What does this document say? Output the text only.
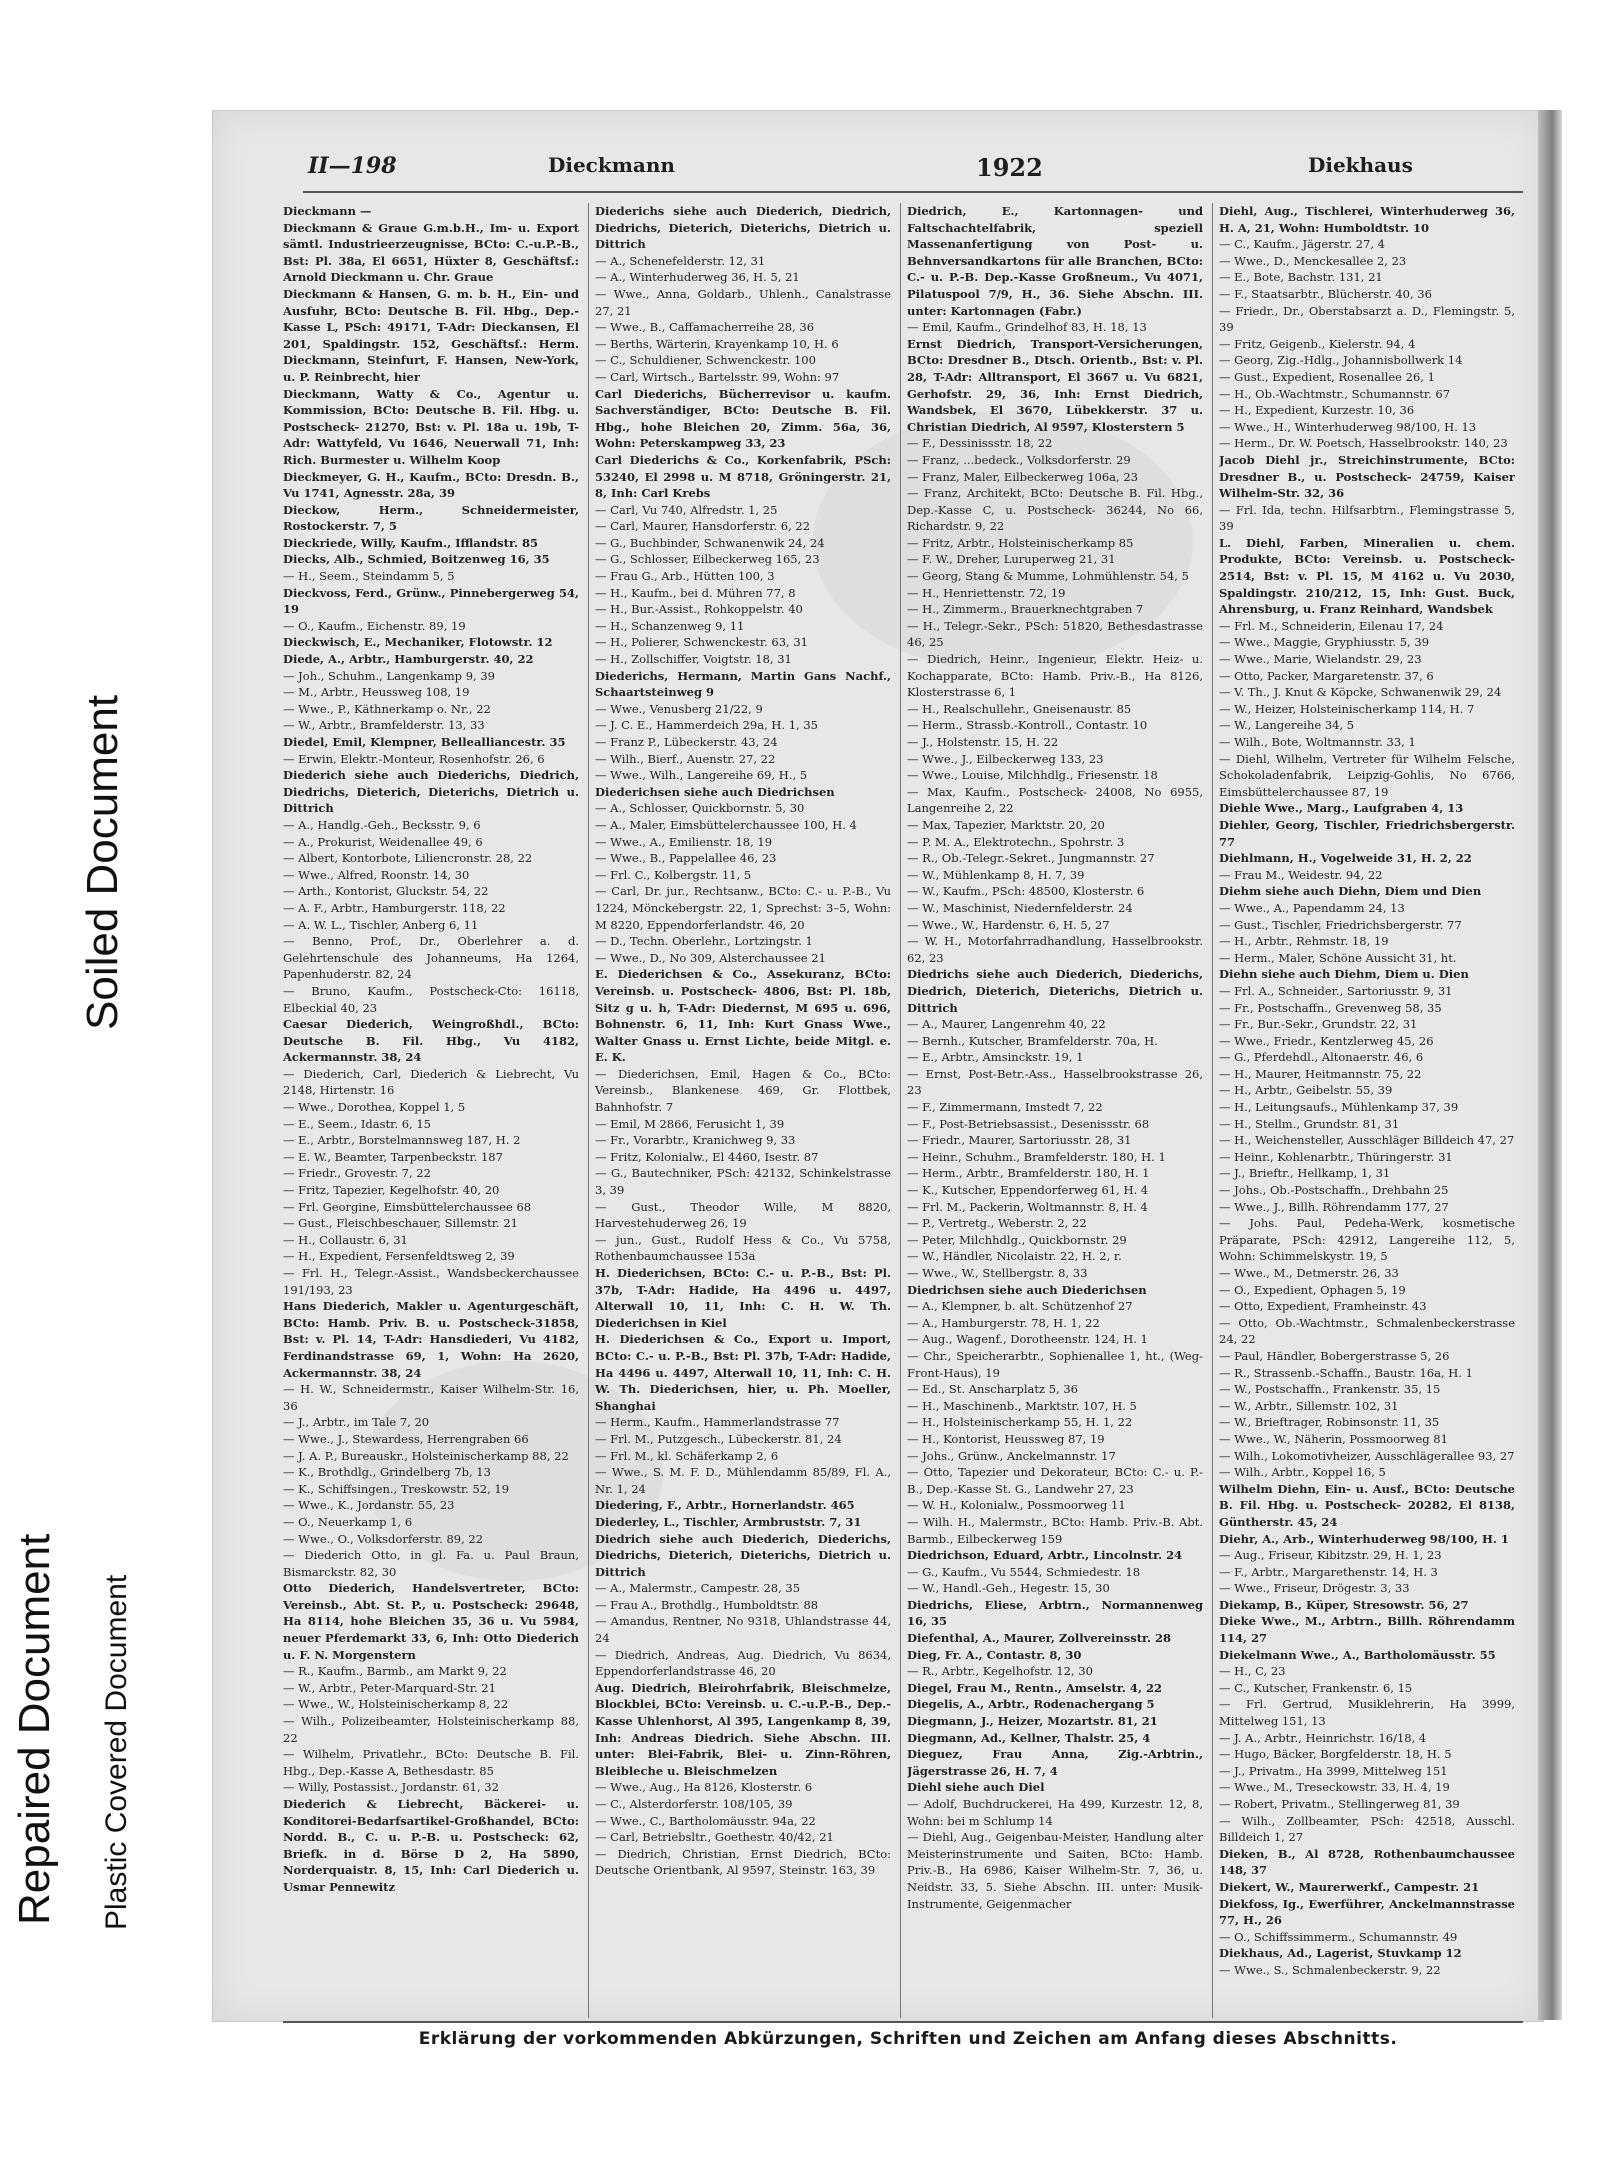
Soiled Document
Repaired Document Plastic Covered Document
II—198	Dieckmann	1922	Diekhaus

Dieckmann —

Dieckmann & Graue G.m.b.H., Im- u. Export sämtl. Industrieerzeugnisse, BCto: C.-u.P.-B., Bst: Pl. 38a, El 6651, Hüxter 8, Geschäftsf.: Arnold Dieckmann u. Chr. Graue

Dieckmann & Hansen, G. m. b. H., Ein- und Ausfuhr, BCto: Deutsche B. Fil. Hbg., Dep.-Kasse L, PSch: 49171, T-Adr: Dieckansen, El 201, Spaldingstr. 152, Geschäftsf.: Herm. Dieckmann, Steinfurt, F. Hansen, New-York, u. P. Reinbrecht, hier

Dieckmann, Watty & Co., Agentur u. Kommission, BCto: Deutsche B. Fil. Hbg. u. Postscheck- 21270, Bst: v. Pl. 18a u. 19b, T-Adr: Wattyfeld, Vu 1646, Neuerwall 71, Inh: Rich. Burmester u. Wilhelm Koop

Dieckmeyer, G. H., Kaufm., BCto: Dresdn. B., Vu 1741, Agnesstr. 28a, 39

Dieckow, Herm., Schneidermeister, Rostockerstr. 7, 5

Dieckriede, Willy, Kaufm., Ifflandstr. 85

Diecks, Alb., Schmied, Boitzenweg 16, 35

— H., Seem., Steindamm 5, 5

Dieckvoss, Ferd., Grünw., Pinnebergerweg 54, 19

— O., Kaufm., Eichenstr. 89, 19

Dieckwisch, E., Mechaniker, Flotowstr. 12

Diede, A., Arbtr., Hamburgerstr. 40, 22

— Joh., Schuhm., Langenkamp 9, 39

— M., Arbtr., Heussweg 108, 19

— Wwe., P., Käthnerkamp o. Nr., 22

— W., Arbtr., Bramfelderstr. 13, 33

Diedel, Emil, Klempner, Bellealliancestr. 35

— Erwin, Elektr.-Monteur, Rosenhofstr. 26, 6

Diederich siehe auch Diederichs, Diedrich, Diedrichs, Dieterich, Dieterichs, Dietrich u. Dittrich

— A., Handlg.-Geh., Becksstr. 9, 6

— A., Prokurist, Weidenallee 49, 6

— Albert, Kontorbote, Liliencronstr. 28, 22

— Wwe., Alfred, Roonstr. 14, 30

— Arth., Kontorist, Gluckstr. 54, 22

— A. F., Arbtr., Hamburgerstr. 118, 22

— A. W. L., Tischler, Anberg 6, 11

— Benno, Prof., Dr., Oberlehrer a. d. Gelehrtenschule des Johanneums, Ha 1264, Papenhuderstr. 82, 24

— Bruno, Kaufm., Postscheck-Cto: 16118, Elbeckial 40, 23

Caesar Diederich, Weingroßhdl., BCto: Deutsche B. Fil. Hbg., Vu 4182, Ackermannstr. 38, 24

— Diederich, Carl, Diederich & Liebrecht, Vu 2148, Hirtenstr. 16

— Wwe., Dorothea, Koppel 1, 5

— E., Seem., Idastr. 6, 15

— E., Arbtr., Borstelmannsweg 187, H. 2

— E. W., Beamter, Tarpenbeckstr. 187

— Friedr., Grovestr. 7, 22

— Fritz, Tapezier, Kegelhofstr. 40, 20

— Frl. Georgine, Eimsbüttelerchaussee 68

— Gust., Fleischbeschauer, Sillemstr. 21

— H., Collaustr. 6, 31

— H., Expedient, Fersenfeldtsweg 2, 39

— Frl. H., Telegr.-Assist., Wandsbeckerchaussee 191/193, 23

Hans Diederich, Makler u. Agenturgeschäft, BCto: Hamb. Priv. B. u. Postscheck-31858, Bst: v. Pl. 14, T-Adr: Hansdiederi, Vu 4182, Ferdinandstrasse 69, 1, Wohn: Ha 2620, Ackermannstr. 38, 24

— H. W., Schneidermstr., Kaiser Wilhelm-Str. 16, 36

— J., Arbtr., im Tale 7, 20

— Wwe., J., Stewardess, Herrengraben 66

— J. A. P., Bureauskr., Holsteinischerkamp 88, 22

— K., Brothdlg., Grindelberg 7b, 13

— K., Schiffsingen., Treskowstr. 52, 19

— Wwe., K., Jordanstr. 55, 23

— O., Neuerkamp 1, 6

— Wwe., O., Volksdorferstr. 89, 22

— Diederich Otto, in gl. Fa. u. Paul Braun, Bismarckstr. 82, 30

Otto Diederich, Handelsvertreter, BCto: Vereinsb., Abt. St. P., u. Postscheck: 29648, Ha 8114, hohe Bleichen 35, 36 u. Vu 5984, neuer Pferdemarkt 33, 6, Inh: Otto Diederich u. F. N. Morgenstern

— R., Kaufm., Barmb., am Markt 9, 22

— W., Arbtr., Peter-Marquard-Str. 21

— Wwe., W., Holsteinischerkamp 8, 22

— Wilh., Polizeibeamter, Holsteinischerkamp 88, 22

— Wilhelm, Privatlehr., BCto: Deutsche B. Fil. Hbg., Dep.-Kasse A, Bethesdastr. 85

— Willy, Postassist., Jordanstr. 61, 32

Diederich & Liebrecht, Bäckerei- u. Konditorei-Bedarfsartikel-Großhandel, BCto: Nordd. B., C. u. P.-B. u. Postscheck: 62, Briefk. in d. Börse D 2, Ha 5890, Norderquaistr. 8, 15, Inh: Carl Diederich u. Usmar Pennewitz

Diederichs siehe auch Diederich, Diedrich, Diedrichs, Dieterich, Dieterichs, Dietrich u. Dittrich

— A., Schenefelderstr. 12, 31

— A., Winterhuderweg 36, H. 5, 21

— Wwe., Anna, Goldarb., Uhlenh., Canalstrasse 27, 21

— Wwe., B., Caffamacherreihe 28, 36

— Berths, Wärterin, Krayenkamp 10, H. 6

— C., Schuldiener, Schwenckestr. 100

— Carl, Wirtsch., Bartelsstr. 99, Wohn: 97

Carl Diederichs, Bücherrevisor u. kaufm. Sachverständiger, BCto: Deutsche B. Fil. Hbg., hohe Bleichen 20, Zimm. 56a, 36, Wohn: Peterskampweg 33, 23

Carl Diederichs & Co., Korkenfabrik, PSch: 53240, El 2998 u. M 8718, Gröningerstr. 21, 8, Inh: Carl Krebs

— Carl, Vu 740, Alfredstr. 1, 25

— Carl, Maurer, Hansdorferstr. 6, 22

— G., Buchbinder, Schwanenwik 24, 24

— G., Schlosser, Eilbeckerweg 165, 23

— Frau G., Arb., Hütten 100, 3

— H., Kaufm., bei d. Mühren 77, 8

— H., Bur.-Assist., Rohkoppelstr. 40

— H., Schanzenweg 9, 11

— H., Polierer, Schwenckestr. 63, 31

— H., Zollschiffer, Voigtstr. 18, 31

Diederichs, Hermann, Martin Gans Nachf., Schaartsteinweg 9

— Wwe., Venusberg 21/22, 9

— J. C. E., Hammerdeich 29a, H. 1, 35

— Franz P., Lübeckerstr. 43, 24

— Wilh., Bierf., Auenstr. 27, 22

— Wwe., Wilh., Langereihe 69, H., 5

Diederichsen siehe auch Diedrichsen

— A., Schlosser, Quickbornstr. 5, 30

— A., Maler, Eimsbüttelerchaussee 100, H. 4

— Wwe., A., Emilienstr. 18, 19

— Wwe., B., Pappelallee 46, 23

— Frl. C., Kolbergstr. 11, 5

— Carl, Dr. jur., Rechtsanw., BCto: C.- u. P.-B., Vu 1224, Mönckebergstr. 22, 1, Sprechst: 3–5, Wohn: M 8220, Eppendorferlandstr. 46, 20

— D., Techn. Oberlehr., Lortzingstr. 1

— Wwe., D., No 309, Alsterchaussee 21

E. Diederichsen & Co., Assekuranz, BCto: Vereinsb. u. Postscheck- 4806, Bst: Pl. 18b, Sitz g u. h, T-Adr: Diedernst, M 695 u. 696, Bohnenstr. 6, 11, Inh: Kurt Gnass Wwe., Walter Gnass u. Ernst Lichte, beide Mitgl. e. E. K.

— Diederichsen, Emil, Hagen & Co., BCto: Vereinsb., Blankenese 469, Gr. Flottbek, Bahnhofstr. 7

— Emil, M 2866, Ferusicht 1, 39

— Fr., Vorarbtr., Kranichweg 9, 33

— Fritz, Kolonialw., El 4460, Isestr. 87

— G., Bautechniker, PSch: 42132, Schinkelstrasse 3, 39

— Gust., Theodor Wille, M 8820, Harvestehuderweg 26, 19

— jun., Gust., Rudolf Hess & Co., Vu 5758, Rothenbaumchaussee 153a

H. Diederichsen, BCto: C.- u. P.-B., Bst: Pl. 37b, T-Adr: Hadide, Ha 4496 u. 4497, Alterwall 10, 11, Inh: C. H. W. Th. Diederichsen in Kiel

H. Diederichsen & Co., Export u. Import, BCto: C.- u. P.-B., Bst: Pl. 37b, T-Adr: Hadide, Ha 4496 u. 4497, Alterwall 10, 11, Inh: C. H. W. Th. Diederichsen, hier, u. Ph. Moeller, Shanghai

— Herm., Kaufm., Hammerlandstrasse 77

— Frl. M., Putzgesch., Lübeckerstr. 81, 24

— Frl. M., kl. Schäferkamp 2, 6

— Wwe., S. M. F. D., Mühlendamm 85/89, Fl. A., Nr. 1, 24

Diedering, F., Arbtr., Hornerlandstr. 465

Diederley, L., Tischler, Armbruststr. 7, 31

Diedrich siehe auch Diederich, Diederichs, Diedrichs, Dieterich, Dieterichs, Dietrich u. Dittrich

— A., Malermstr., Campestr. 28, 35

— Frau A., Brothdlg., Humboldtstr. 88

— Amandus, Rentner, No 9318, Uhlandstrasse 44, 24

— Diedrich, Andreas, Aug. Diedrich, Vu 8634, Eppendorferlandstrasse 46, 20

Aug. Diedrich, Bleirohrfabrik, Bleischmelze, Blockblei, BCto: Vereinsb. u. C.-u.P.-B., Dep.-Kasse Uhlenhorst, Al 395, Langenkamp 8, 39, Inh: Andreas Diedrich. Siehe Abschn. III. unter: Blei-Fabrik, Blei- u. Zinn-Röhren, Bleibleche u. Bleischmelzen

— Wwe., Aug., Ha 8126, Klosterstr. 6

— C., Alsterdorferstr. 108/105, 39

— Wwe., C., Bartholomäusstr. 94a, 22

— Carl, Betriebsltr., Goethestr. 40/42, 21

— Diedrich, Christian, Ernst Diedrich, BCto: Deutsche Orientbank, Al 9597, Steinstr. 163, 39

Diedrich, E., Kartonnagen- und Faltschachtelfabrik, speziell Massenanfertigung von Post- u. Behnversandkartons für alle Branchen, BCto: C.- u. P.-B. Dep.-Kasse Großneum., Vu 4071, Pilatuspool 7/9, H., 36. Siehe Abschn. III. unter: Kartonnagen (Fabr.)

— Emil, Kaufm., Grindelhof 83, H. 18, 13

Ernst Diedrich, Transport-Versicherungen, BCto: Dresdner B., Dtsch. Orientb., Bst: v. Pl. 28, T-Adr: Alltransport, El 3667 u. Vu 6821, Gerhofstr. 29, 36, Inh: Ernst Diedrich, Wandsbek, El 3670, Lübekkerstr. 37 u. Christian Diedrich, Al 9597, Klosterstern 5

— F., Dessinissstr. 18, 22

— Franz, ...bedeck., Volksdorferstr. 29

— Franz, Maler, Eilbeckerweg 106a, 23

— Franz, Architekt, BCto: Deutsche B. Fil. Hbg., Dep.-Kasse C, u. Postscheck- 36244, No 66, Richardstr. 9, 22

— Fritz, Arbtr., Holsteinischerkamp 85

— F. W., Dreher, Luruperweg 21, 31

— Georg, Stang & Mumme, Lohmühlenstr. 54, 5

— H., Henriettenstr. 72, 19

— H., Zimmerm., Brauerknechtgraben 7

— H., Telegr.-Sekr., PSch: 51820, Bethesdastrasse 46, 25

— Diedrich, Heinr., Ingenieur, Elektr. Heiz- u. Kochapparate, BCto: Hamb. Priv.-B., Ha 8126, Klosterstrasse 6, 1

— H., Realschullehr., Gneisenaustr. 85

— Herm., Strassb.-Kontroll., Contastr. 10

— J., Holstenstr. 15, H. 22

— Wwe., J., Eilbeckerweg 133, 23

— Wwe., Louise, Milchhdlg., Friesenstr. 18

— Max, Kaufm., Postscheck- 24008, No 6955, Langenreihe 2, 22

— Max, Tapezier, Marktstr. 20, 20

— P. M. A., Elektrotechn., Spohrstr. 3

— R., Ob.-Telegr.-Sekret., Jungmannstr. 27

— W., Mühlenkamp 8, H. 7, 39

— W., Kaufm., PSch: 48500, Klosterstr. 6

— W., Maschinist, Niedernfelderstr. 24

— Wwe., W., Hardenstr. 6, H. 5, 27

— W. H., Motorfahrradhandlung, Hasselbrookstr. 62, 23

Diedrichs siehe auch Diederich, Diederichs, Diedrich, Dieterich, Dieterichs, Dietrich u. Dittrich

— A., Maurer, Langenrehm 40, 22

— Bernh., Kutscher, Bramfelderstr. 70a, H.

— E., Arbtr., Amsinckstr. 19, 1

— Ernst, Post-Betr.-Ass., Hasselbrookstrasse 26, 23

— F., Zimmermann, Imstedt 7, 22

— F., Post-Betriebsassist., Desenissstr. 68

— Friedr., Maurer, Sartoriusstr. 28, 31

— Heinr., Schuhm., Bramfelderstr. 180, H. 1

— Herm., Arbtr., Bramfelderstr. 180, H. 1

— K., Kutscher, Eppendorferweg 61, H. 4

— Frl. M., Packerin, Woltmannstr. 8, H. 4

— P., Vertretg., Weberstr. 2, 22

— Peter, Milchhdlg., Quickbornstr. 29

— W., Händler, Nicolaistr. 22, H. 2, r.

— Wwe., W., Stellbergstr. 8, 33

Diedrichsen siehe auch Diederichsen

— A., Klempner, b. alt. Schützenhof 27

— A., Hamburgerstr. 78, H. 1, 22

— Aug., Wagenf., Dorotheenstr. 124, H. 1

— Chr., Speicherarbtr., Sophienallee 1, ht., (Weg-Front-Haus), 19

— Ed., St. Anscharplatz 5, 36

— H., Maschinenb., Marktstr. 107, H. 5

— H., Holsteinischerkamp 55, H. 1, 22

— H., Kontorist, Heussweg 87, 19

— Johs., Grünw., Anckelmannstr. 17

— Otto, Tapezier und Dekorateur, BCto: C.- u. P.-B., Dep.-Kasse St. G., Landwehr 27, 23

— W. H., Kolonialw., Possmoorweg 11

— Wilh. H., Malermstr., BCto: Hamb. Priv.-B. Abt. Barmb., Eilbeckerweg 159

Diedrichson, Eduard, Arbtr., Lincolnstr. 24

— G., Kaufm., Vu 5544, Schmiedestr. 18

— W., Handl.-Geh., Hegestr. 15, 30

Diedrichs, Eliese, Arbtrn., Normannenweg 16, 35

Diefenthal, A., Maurer, Zollvereinsstr. 28

Dieg, Fr. A., Contastr. 8, 30

— R., Arbtr., Kegelhofstr. 12, 30

Diegel, Frau M., Rentn., Amselstr. 4, 22

Diegelis, A., Arbtr., Rodenachergang 5

Diegmann, J., Heizer, Mozartstr. 81, 21

Diegmann, Ad., Kellner, Thalstr. 25, 4

Dieguez, Frau Anna, Zig.-Arbtrin., Jägerstrasse 26, H. 7, 4

Diehl siehe auch Diel

— Adolf, Buchdruckerei, Ha 499, Kurzestr. 12, 8, Wohn: bei m Schlump 14

— Diehl, Aug., Geigenbau-Meister, Handlung alter Meisterinstrumente und Saiten, BCto: Hamb. Priv.-B., Ha 6986, Kaiser Wilhelm-Str. 7, 36, u. Neidstr. 33, 5. Siehe Abschn. III. unter: Musik-Instrumente, Geigenmacher

Diehl, Aug., Tischlerei, Winterhuderweg 36, H. A, 21, Wohn: Humboldtstr. 10

— C., Kaufm., Jägerstr. 27, 4

— Wwe., D., Menckesallee 2, 23

— E., Bote, Bachstr. 131, 21

— F., Staatsarbtr., Blücherstr. 40, 36

— Friedr., Dr., Oberstabsarzt a. D., Flemingstr. 5, 39

— Fritz, Geigenb., Kielerstr. 94, 4

— Georg, Zig.-Hdlg., Johannisbollwerk 14

— Gust., Expedient, Rosenallee 26, 1

— H., Ob.-Wachtmstr., Schumannstr. 67

— H., Expedient, Kurzestr. 10, 36

— Wwe., H., Winterhuderweg 98/100, H. 13

— Herm., Dr. W. Poetsch, Hasselbrookstr. 140, 23

Jacob Diehl jr., Streichinstrumente, BCto: Dresdner B., u. Postscheck- 24759, Kaiser Wilhelm-Str. 32, 36

— Frl. Ida, techn. Hilfsarbtrn., Flemingstrasse 5, 39

L. Diehl, Farben, Mineralien u. chem. Produkte, BCto: Vereinsb. u. Postscheck- 2514, Bst: v. Pl. 15, M 4162 u. Vu 2030, Spaldingstr. 210/212, 15, Inh: Gust. Buck, Ahrensburg, u. Franz Reinhard, Wandsbek

— Frl. M., Schneiderin, Eilenau 17, 24

— Wwe., Maggie, Gryphiusstr. 5, 39

— Wwe., Marie, Wielandstr. 29, 23

— Otto, Packer, Margaretenstr. 37, 6

— V. Th., J. Knut & Köpcke, Schwanenwik 29, 24

— W., Heizer, Holsteinischerkamp 114, H. 7

— W., Langereihe 34, 5

— Wilh., Bote, Woltmannstr. 33, 1

— Diehl, Wilhelm, Vertreter für Wilhelm Felsche, Schokoladenfabrik, Leipzig-Gohlis, No 6766, Eimsbüttelerchaussee 87, 19

Diehle Wwe., Marg., Laufgraben 4, 13

Diehler, Georg, Tischler, Friedrichsbergerstr. 77

Diehlmann, H., Vogelweide 31, H. 2, 22

— Frau M., Weidestr. 94, 22

Diehm siehe auch Diehn, Diem und Dien

— Wwe., A., Papendamm 24, 13

— Gust., Tischler, Friedrichsbergerstr. 77

— H., Arbtr., Rehmstr. 18, 19

— Herm., Maler, Schöne Aussicht 31, ht.

Diehn siehe auch Diehm, Diem u. Dien

— Frl. A., Schneider., Sartoriusstr. 9, 31

— Fr., Postschaffn., Grevenweg 58, 35

— Fr., Bur.-Sekr., Grundstr. 22, 31

— Wwe., Friedr., Kentzlerweg 45, 26

— G., Pferdehdl., Altonaerstr. 46, 6

— H., Maurer, Heitmannstr. 75, 22

— H., Arbtr., Geibelstr. 55, 39

— H., Leitungsaufs., Mühlenkamp 37, 39

— H., Stellm., Grundstr. 81, 31

— H., Weichensteller, Ausschläger Billdeich 47, 27

— Heinr., Kohlenarbtr., Thüringerstr. 31

— J., Brieftr., Hellkamp, 1, 31

— Johs., Ob.-Postschaffn., Drehbahn 25

— Wwe., J., Billh. Röhrendamm 177, 27

— Johs. Paul, Pedeha-Werk, kosmetische Präparate, PSch: 42912, Langereihe 112, 5, Wohn: Schimmelskystr. 19, 5

— Wwe., M., Detmerstr. 26, 33

— O., Expedient, Ophagen 5, 19

— Otto, Expedient, Framheinstr. 43

— Otto, Ob.-Wachtmstr., Schmalenbeckerstrasse 24, 22

— Paul, Händler, Bobergerstrasse 5, 26

— R., Strassenb.-Schaffn., Baustr. 16a, H. 1

— W., Postschaffn., Frankenstr. 35, 15

— W., Arbtr., Sillemstr. 102, 31

— W., Brieftrager, Robinsonstr. 11, 35

— Wwe., W., Näherin, Possmoorweg 81

— Wilh., Lokomotivheizer, Ausschlägerallee 93, 27

— Wilh., Arbtr., Koppel 16, 5

Wilhelm Diehn, Ein- u. Ausf., BCto: Deutsche B. Fil. Hbg. u. Postscheck- 20282, El 8138, Güntherstr. 45, 24

Diehr, A., Arb., Winterhuderweg 98/100, H. 1

— Aug., Friseur, Kibitzstr. 29, H. 1, 23

— F., Arbtr., Margarethenstr. 14, H. 3

— Wwe., Friseur, Drögestr. 3, 33

Diekamp, B., Küper, Stresowstr. 56, 27

Dieke Wwe., M., Arbtrn., Billh. Röhrendamm 114, 27

Diekelmann Wwe., A., Bartholomäusstr. 55

— H., C, 23

— C., Kutscher, Frankenstr. 6, 15

— Frl. Gertrud, Musiklehrerin, Ha 3999, Mittelweg 151, 13

— J. A., Arbtr., Heinrichstr. 16/18, 4

— Hugo, Bäcker, Borgfelderstr. 18, H. 5

— J., Privatm., Ha 3999, Mittelweg 151

— Wwe., M., Treseckowstr. 33, H. 4, 19

— Robert, Privatm., Stellingerweg 81, 39

— Wilh., Zollbeamter, PSch: 42518, Ausschl. Billdeich 1, 27

Dieken, B., Al 8728, Rothenbaumchaussee 148, 37

Diekert, W., Maurerwerkf., Campestr. 21

Diekfoss, Ig., Ewerführer, Anckelmannstrasse 77, H., 26

— O., Schiffssimmerm., Schumannstr. 49

Diekhaus, Ad., Lagerist, Stuvkamp 12

— Wwe., S., Schmalenbeckerstr. 9, 22

Erklärung der vorkommenden Abkürzungen, Schriften und Zeichen am Anfang dieses Abschnitts.
